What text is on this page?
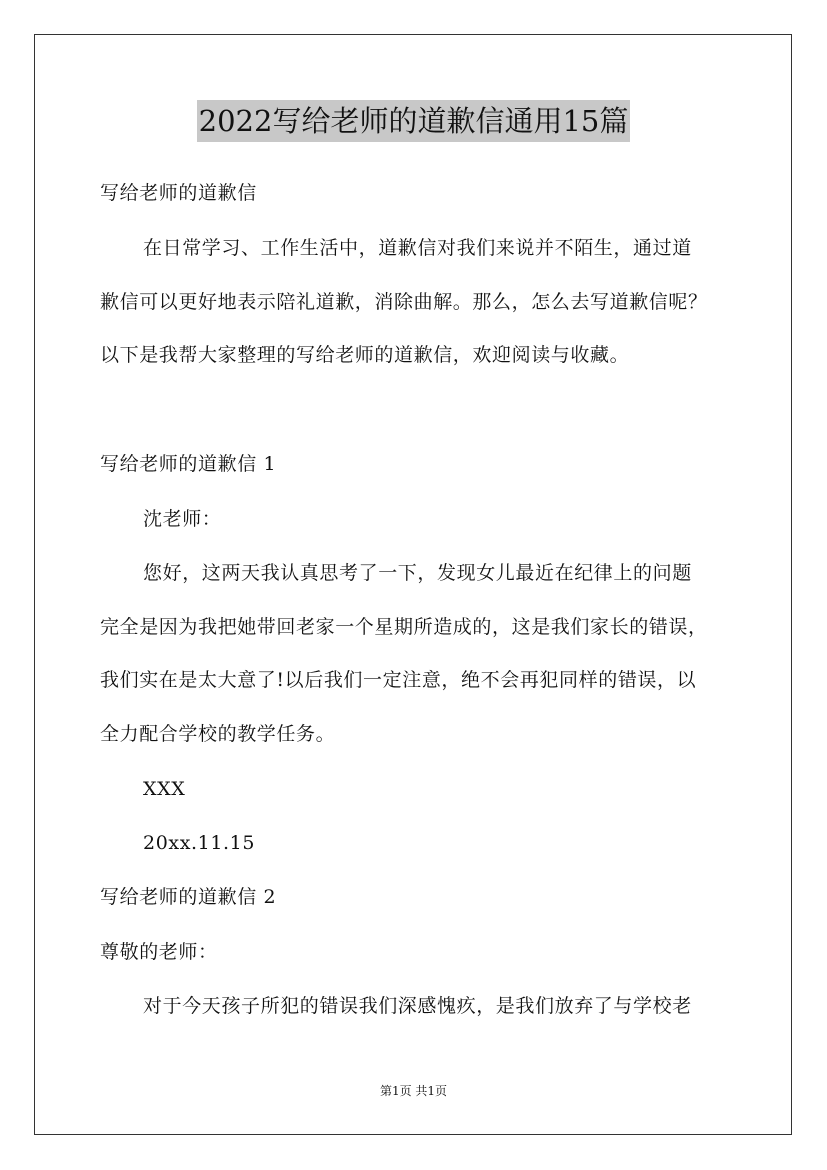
2022写给老师的道歉信通用15篇
写给老师的道歉信
在日常学习、工作生活中，道歉信对我们来说并不陌生，通过道
歉信可以更好地表示陪礼道歉，消除曲解。那么，怎么去写道歉信呢？
以下是我帮大家整理的写给老师的道歉信，欢迎阅读与收藏。
写给老师的道歉信 1
沈老师：
您好，这两天我认真思考了一下，发现女儿最近在纪律上的问题
完全是因为我把她带回老家一个星期所造成的，这是我们家长的错误，
我们实在是太大意了!以后我们一定注意，绝不会再犯同样的错误，以
全力配合学校的教学任务。
XXX
20xx.11.15
写给老师的道歉信 2
尊敬的老师：
对于今天孩子所犯的错误我们深感愧疚，是我们放弃了与学校老
第1页 共1页
